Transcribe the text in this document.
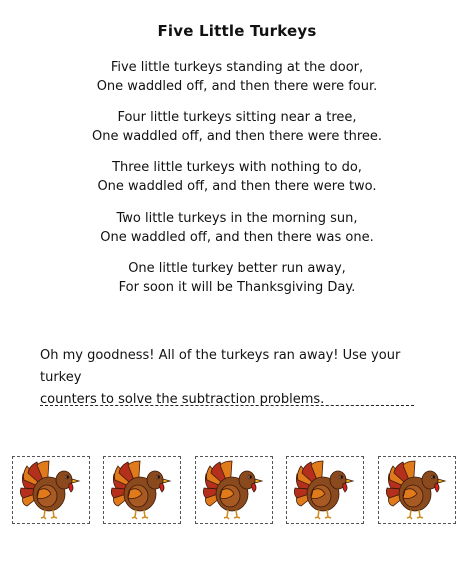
Five Little Turkeys
Five little turkeys standing at the door,
One waddled off, and then there were four.
Four little turkeys sitting near a tree,
One waddled off, and then there were three.
Three little turkeys with nothing to do,
One waddled off, and then there were two.
Two little turkeys in the morning sun,
One waddled off, and then there was one.
One little turkey better run away,
For soon it will be Thanksgiving Day.
Oh my goodness! All of the turkeys ran away! Use your turkey
counters to solve the subtraction problems.
